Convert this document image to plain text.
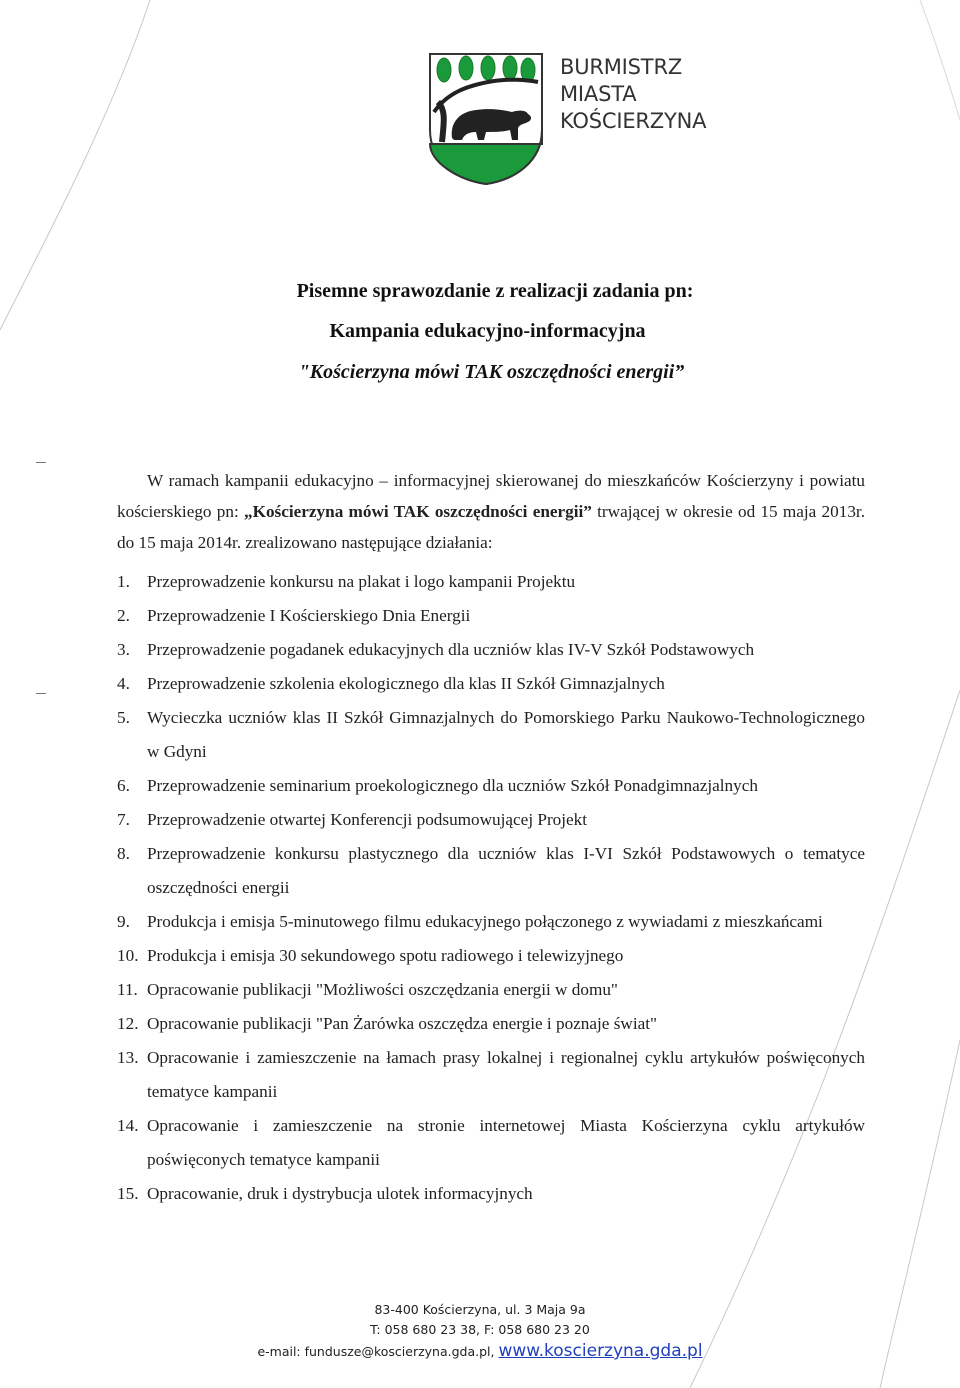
BURMISTRZ
MIASTA
KOŚCIERZYNA
Pisemne sprawozdanie z realizacji zadania pn:
Kampania edukacyjno-informacyjna
"Kościerzyna mówi TAK oszczędności energii”
W ramach kampanii edukacyjno – informacyjnej skierowanej do mieszkańców Kościerzyny i powiatu kościerskiego pn: „Kościerzyna mówi TAK oszczędności energii” trwającej w okresie od 15 maja 2013r. do 15 maja 2014r. zrealizowano następujące działania:
1. Przeprowadzenie konkursu na plakat i logo kampanii Projektu
2. Przeprowadzenie I Kościerskiego Dnia Energii
3. Przeprowadzenie pogadanek edukacyjnych dla uczniów klas IV-V Szkół Podstawowych
4. Przeprowadzenie szkolenia ekologicznego dla klas II Szkół Gimnazjalnych
5. Wycieczka uczniów klas II Szkół Gimnazjalnych do Pomorskiego Parku Naukowo-Technologicznego w Gdyni
6. Przeprowadzenie seminarium proekologicznego dla uczniów Szkół Ponadgimnazjalnych
7. Przeprowadzenie otwartej Konferencji podsumowującej Projekt
8. Przeprowadzenie konkursu plastycznego dla uczniów klas I-VI Szkół Podstawowych o tematyce oszczędności energii
9. Produkcja i emisja 5-minutowego filmu edukacyjnego połączonego z wywiadami z mieszkańcami
10. Produkcja i emisja 30 sekundowego spotu radiowego i telewizyjnego
11. Opracowanie publikacji "Możliwości oszczędzania energii w domu"
12. Opracowanie publikacji "Pan Żarówka oszczędza energie i poznaje świat"
13. Opracowanie i zamieszczenie na łamach prasy lokalnej i regionalnej cyklu artykułów poświęconych tematyce kampanii
14. Opracowanie i zamieszczenie na stronie internetowej Miasta Kościerzyna cyklu artykułów poświęconych tematyce kampanii
15. Opracowanie, druk i dystrybucja ulotek informacyjnych
83-400 Kościerzyna, ul. 3 Maja 9a
T: 058 680 23 38, F: 058 680 23 20
e-mail: fundusze@koscierzyna.gda.pl, www.koscierzyna.gda.pl
